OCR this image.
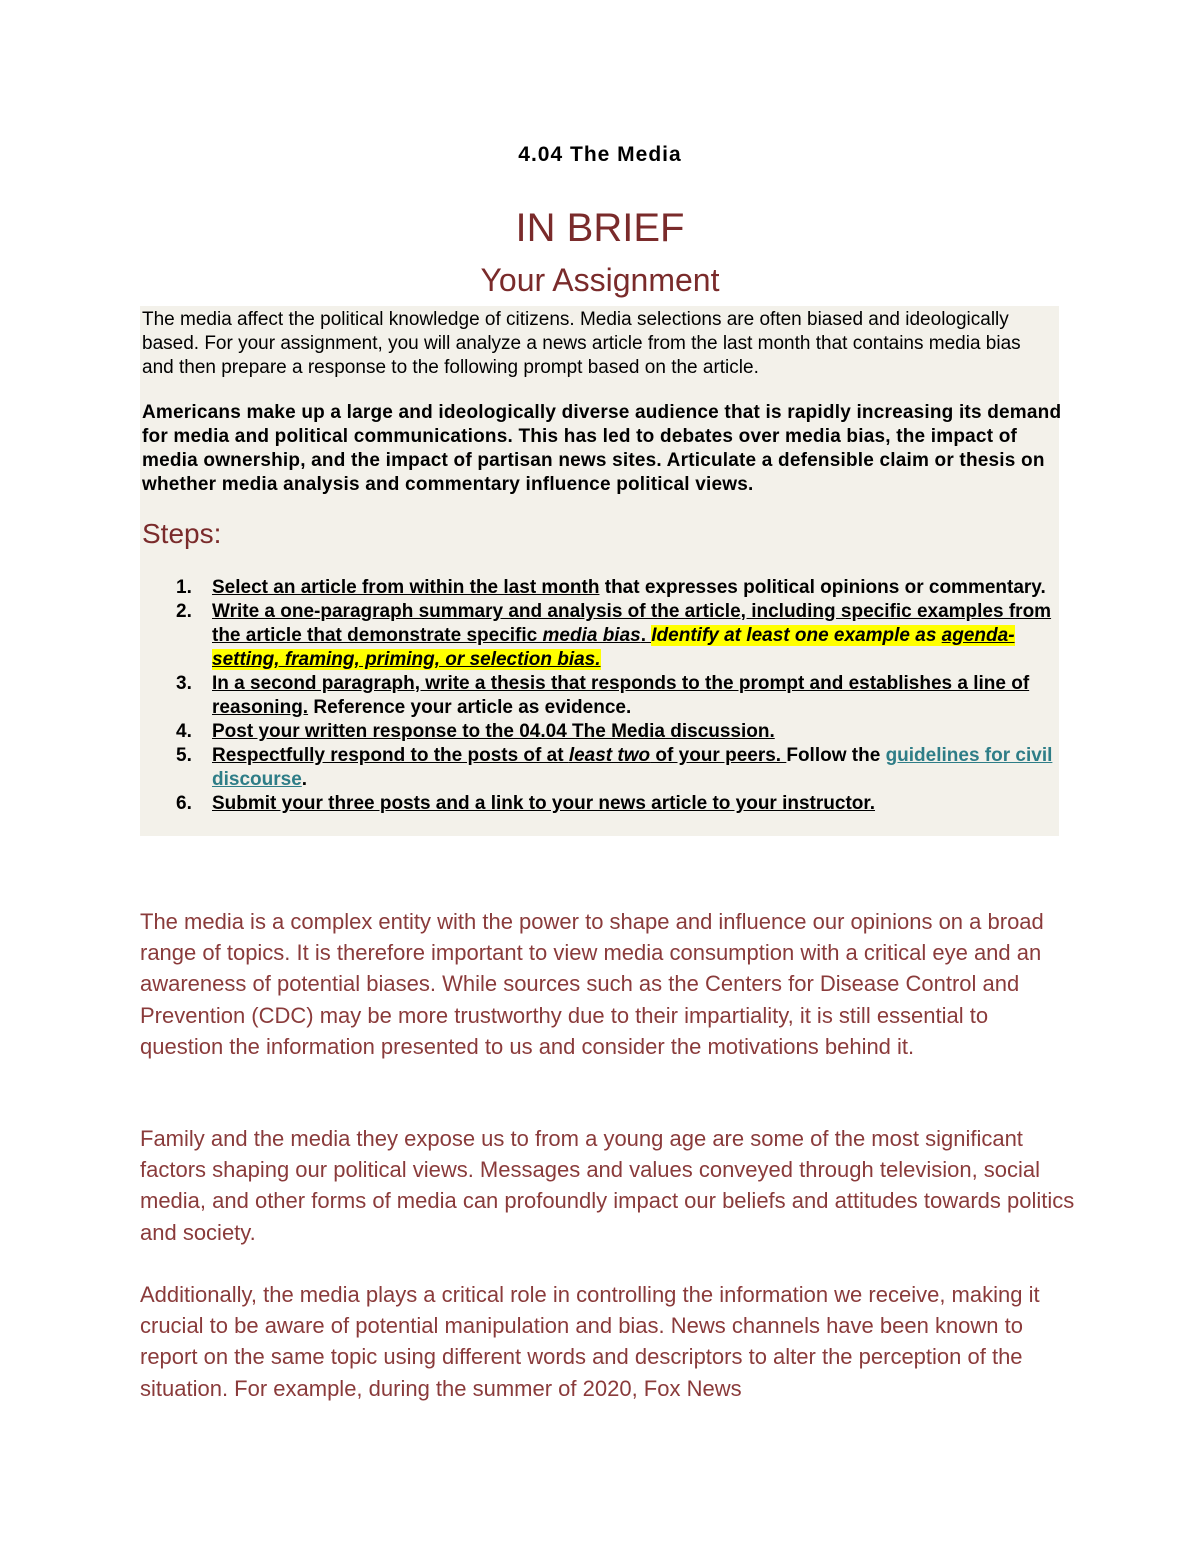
4.04 The Media
IN BRIEF
Your Assignment
The media affect the political knowledge of citizens. Media selections are often biased and ideologically based. For your assignment, you will analyze a news article from the last month that contains media bias and then prepare a response to the following prompt based on the article.
Americans make up a large and ideologically diverse audience that is rapidly increasing its demand for media and political communications. This has led to debates over media bias, the impact of media ownership, and the impact of partisan news sites. Articulate a defensible claim or thesis on whether media analysis and commentary influence political views.
Steps:
1. Select an article from within the last month that expresses political opinions or commentary.
2. Write a one-paragraph summary and analysis of the article, including specific examples from the article that demonstrate specific media bias. Identify at least one example as agenda-setting, framing, priming, or selection bias.
3. In a second paragraph, write a thesis that responds to the prompt and establishes a line of reasoning. Reference your article as evidence.
4. Post your written response to the 04.04 The Media discussion.
5. Respectfully respond to the posts of at least two of your peers. Follow the guidelines for civil discourse.
6. Submit your three posts and a link to your news article to your instructor.

The media is a complex entity with the power to shape and influence our opinions on a broad range of topics. It is therefore important to view media consumption with a critical eye and an awareness of potential biases. While sources such as the Centers for Disease Control and Prevention (CDC) may be more trustworthy due to their impartiality, it is still essential to question the information presented to us and consider the motivations behind it.

Family and the media they expose us to from a young age are some of the most significant factors shaping our political views. Messages and values conveyed through television, social media, and other forms of media can profoundly impact our beliefs and attitudes towards politics and society.

Additionally, the media plays a critical role in controlling the information we receive, making it crucial to be aware of potential manipulation and bias. News channels have been known to report on the same topic using different words and descriptors to alter the perception of the situation. For example, during the summer of 2020, Fox News
